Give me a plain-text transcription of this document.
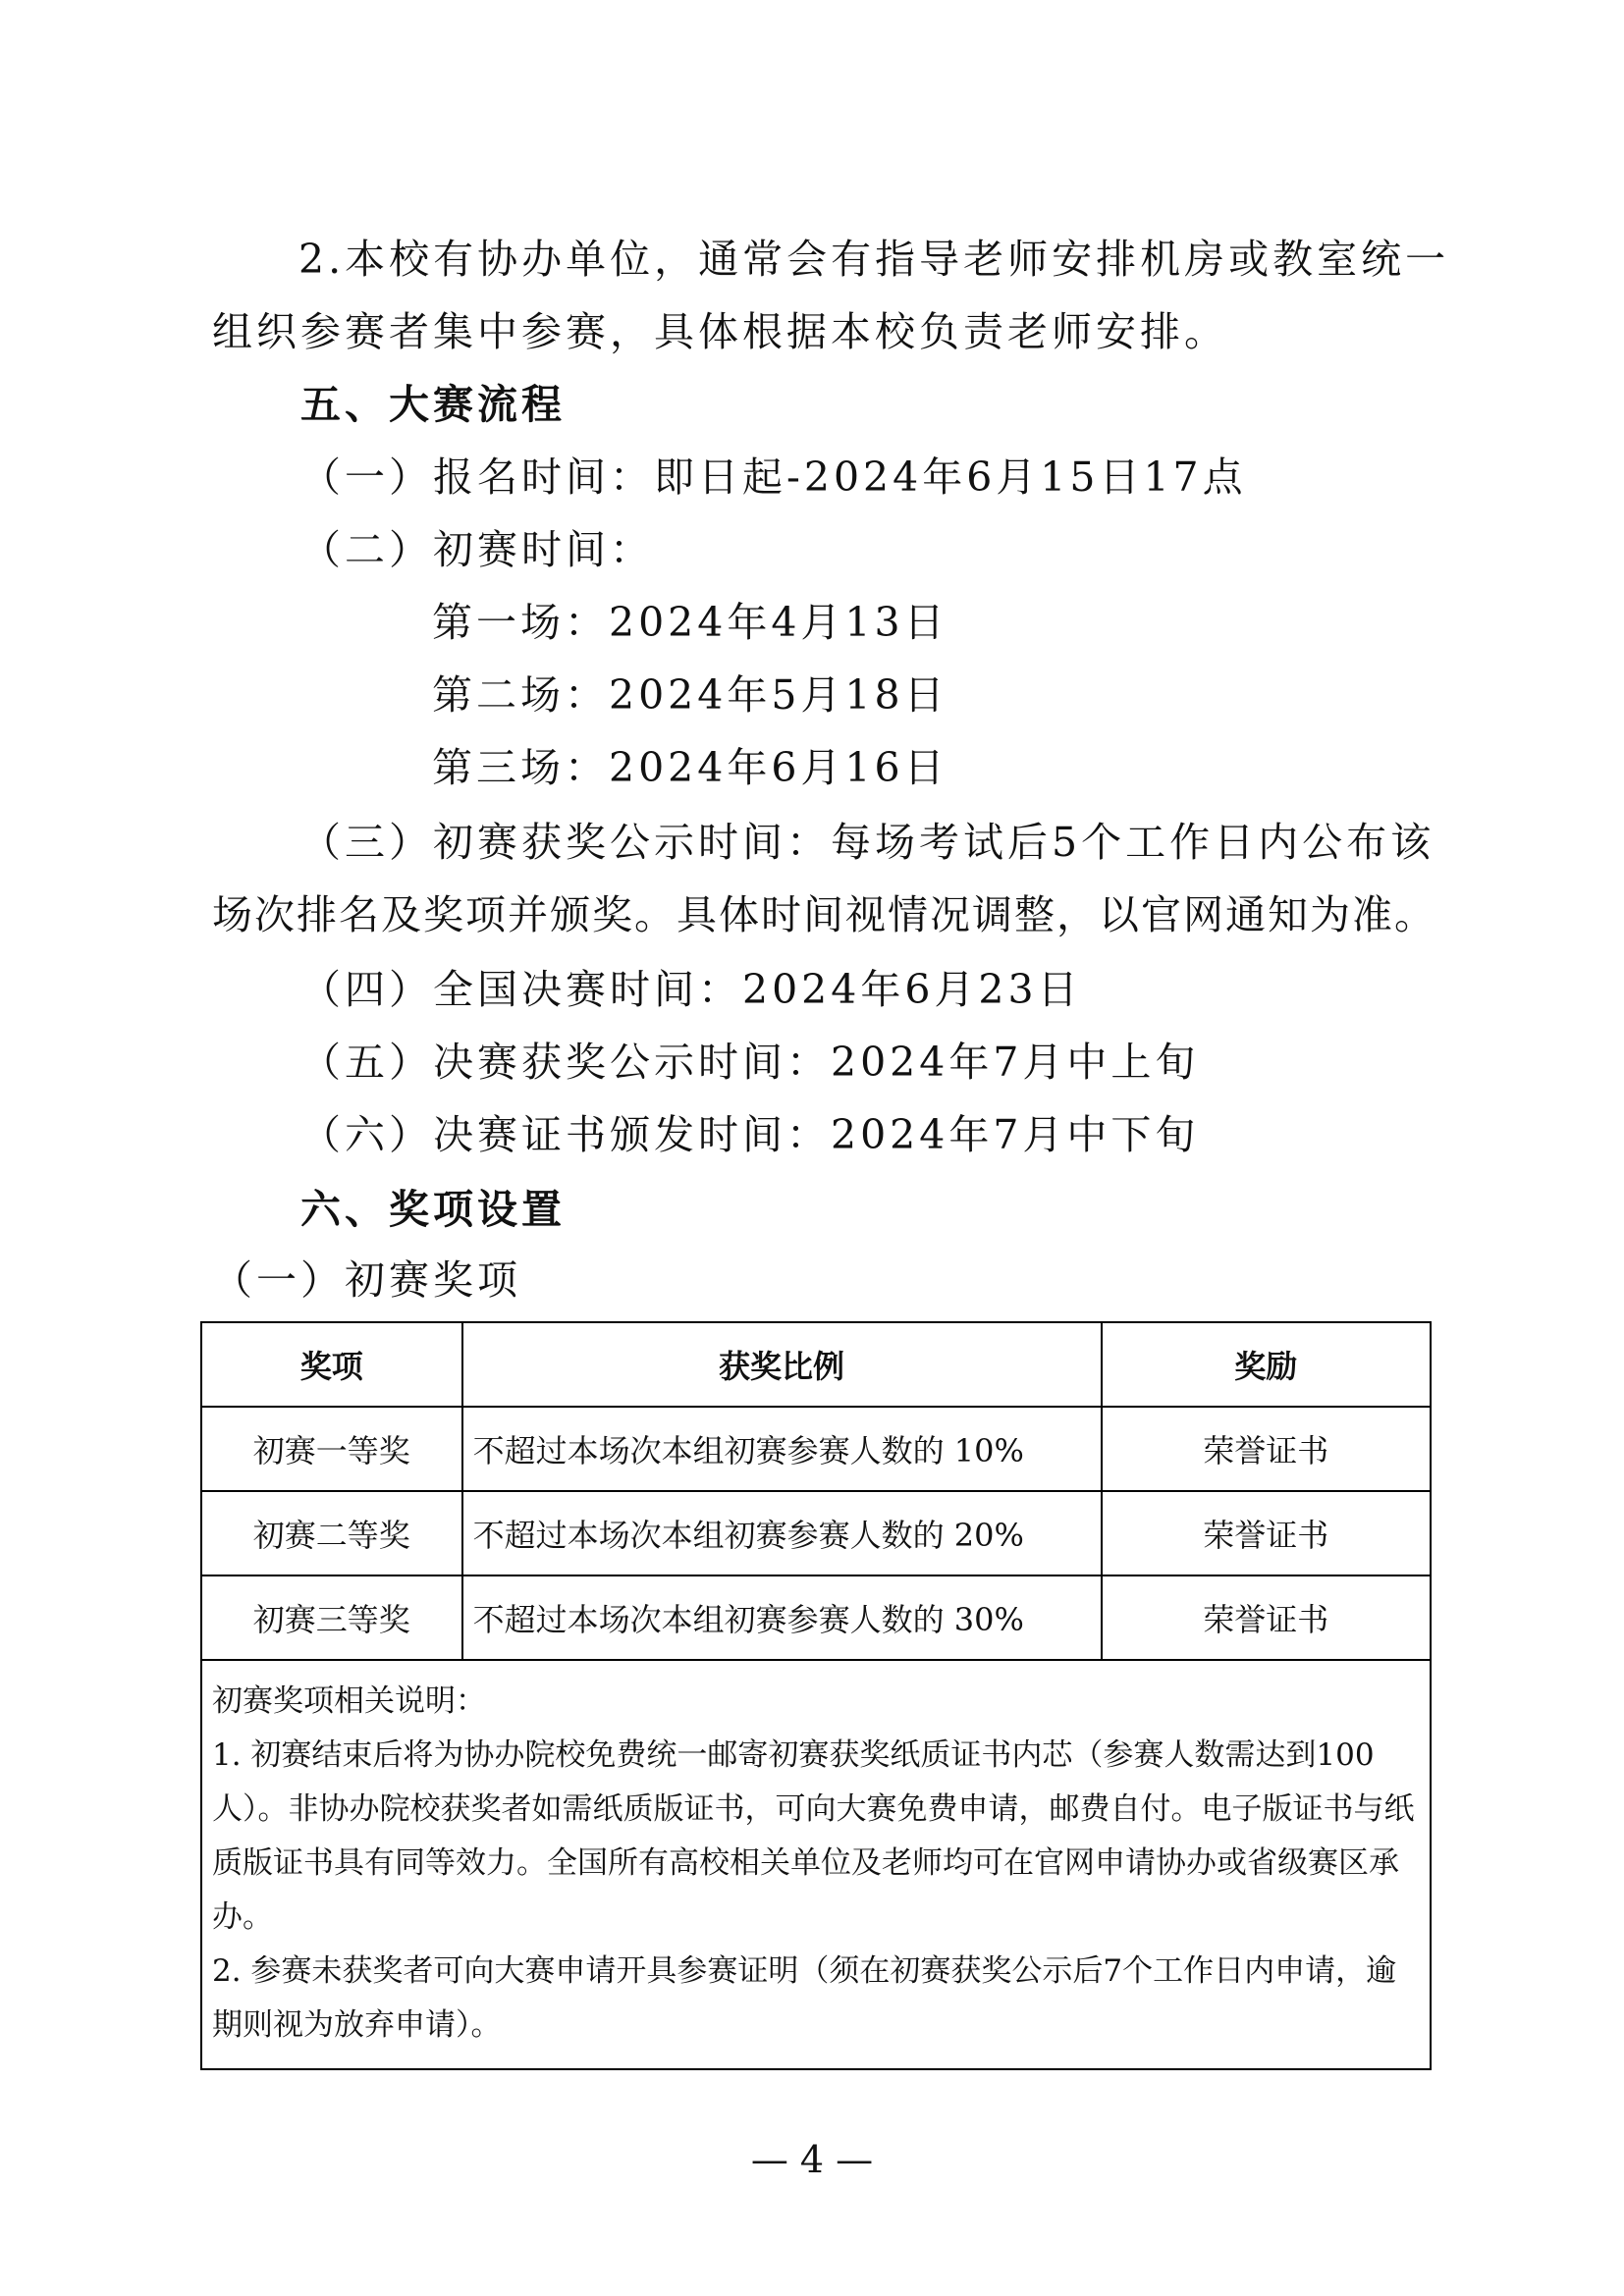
2.本校有协办单位，通常会有指导老师安排机房或教室统一
组织参赛者集中参赛，具体根据本校负责老师安排。
五、大赛流程
（一）报名时间：即日起-2024年6月15日17点
（二）初赛时间：
第一场：2024年4月13日
第二场：2024年5月18日
第三场：2024年6月16日
（三）初赛获奖公示时间：每场考试后5个工作日内公布该
场次排名及奖项并颁奖。具体时间视情况调整，以官网通知为准。
（四）全国决赛时间：2024年6月23日
（五）决赛获奖公示时间：2024年7月中上旬
（六）决赛证书颁发时间：2024年7月中下旬
六、奖项设置
（一）初赛奖项
奖项	获奖比例	奖励
初赛一等奖	不超过本场次本组初赛参赛人数的 10%	荣誉证书
初赛二等奖	不超过本场次本组初赛参赛人数的 20%	荣誉证书
初赛三等奖	不超过本场次本组初赛参赛人数的 30%	荣誉证书

初赛奖项相关说明：

1. 初赛结束后将为协办院校免费统一邮寄初赛获奖纸质证书内芯（参赛人数需达到100人）。非协办院校获奖者如需纸质版证书，可向大赛免费申请，邮费自付。电子版证书与纸质版证书具有同等效力。全国所有高校相关单位及老师均可在官网申请协办或省级赛区承办。

2. 参赛未获奖者可向大赛申请开具参赛证明（须在初赛获奖公示后7个工作日内申请，逾期则视为放弃申请）。		

— 4 —
